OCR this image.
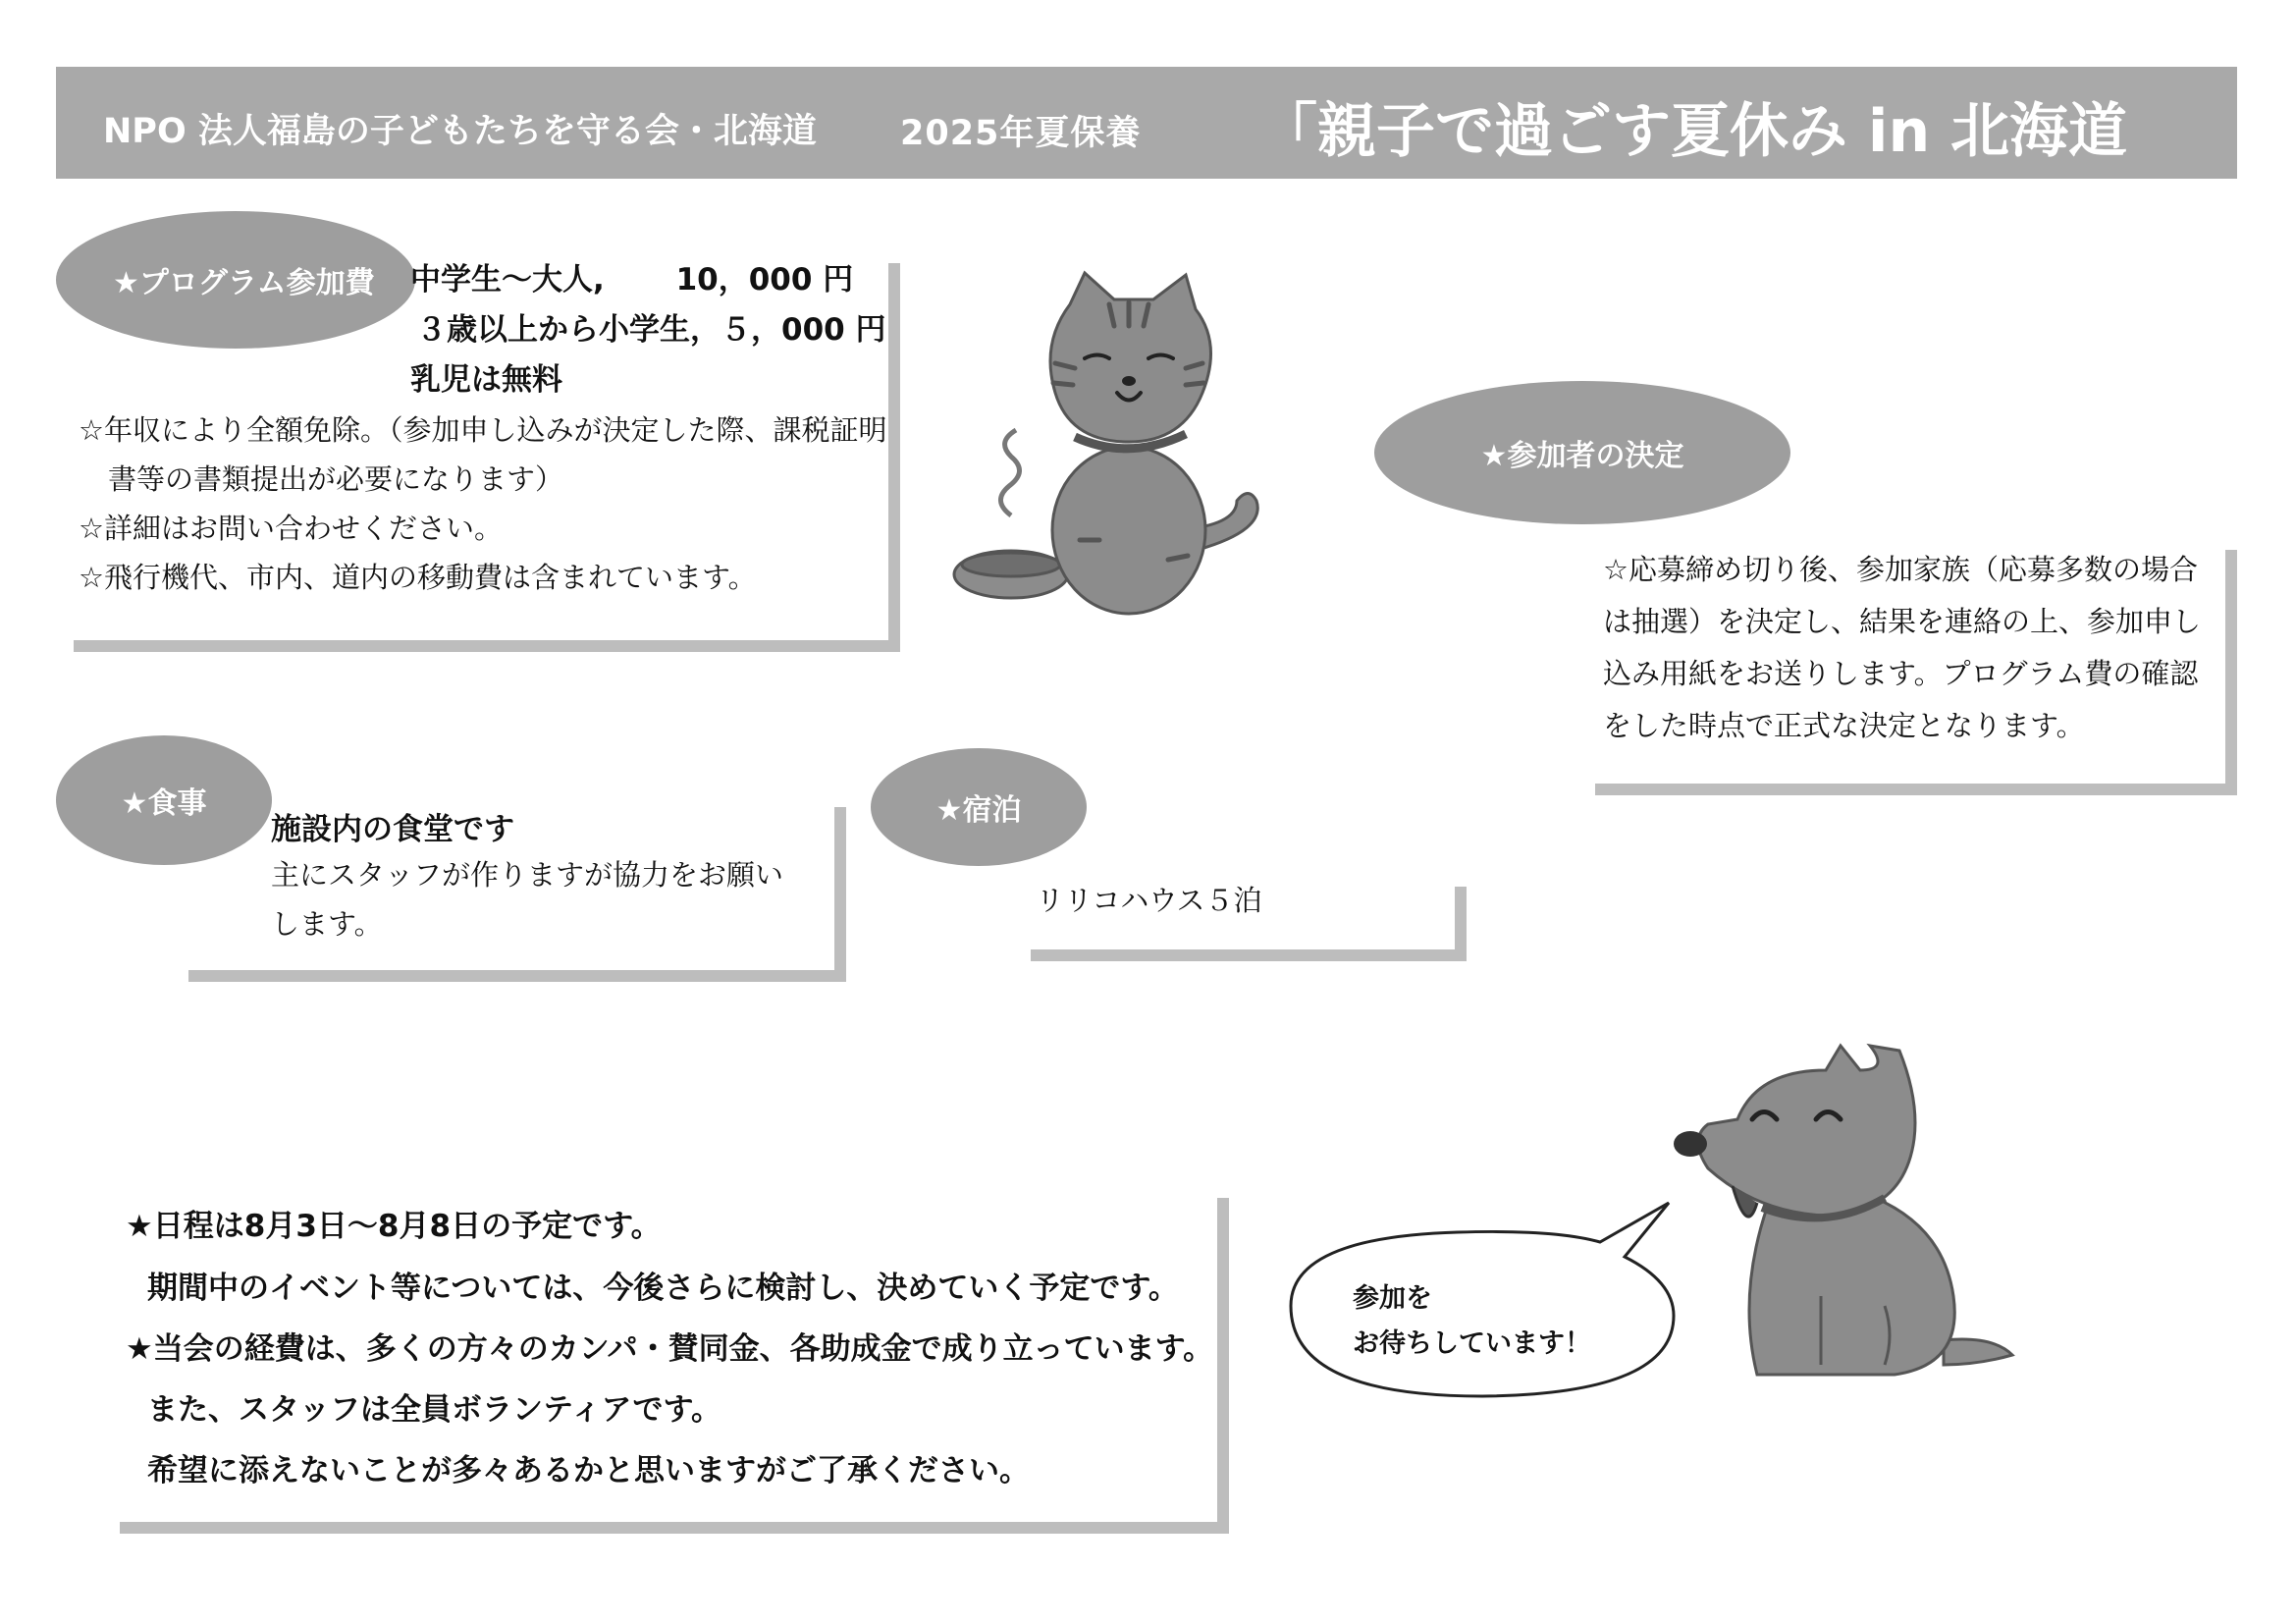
NPO 法人福島の子どもたちを守る会・北海道 2025年夏保養 「親子で過ごす夏休み in 北海道
★プログラム参加費 中学生～大人,　　 10，000 円
３歳以上から小学生，５，000 円
乳児は無料
☆年収により全額免除。（参加申し込みが決定した際、課税証明
書等の書類提出が必要になります）
☆詳細はお問い合わせください。
☆飛行機代、市内、道内の移動費は含まれています。
★参加者の決定
☆応募締め切り後、参加家族（応募多数の場合
は抽選）を決定し、結果を連絡の上、参加申し
込み用紙をお送りします。プログラム費の確認
をした時点で正式な決定となります。
★食事
施設内の食堂です
主にスタッフが作りますが協力をお願い
します。
★宿泊
リリコハウス５泊
★日程は8月3日～8月8日の予定です。
期間中のイベント等については、今後さらに検討し、決めていく予定です。
★当会の経費は、多くの方々のカンパ・賛同金、各助成金で成り立っています。
また、スタッフは全員ボランティアです。
希望に添えないことが多々あるかと思いますがご了承ください。
参加を
お待ちしています！
